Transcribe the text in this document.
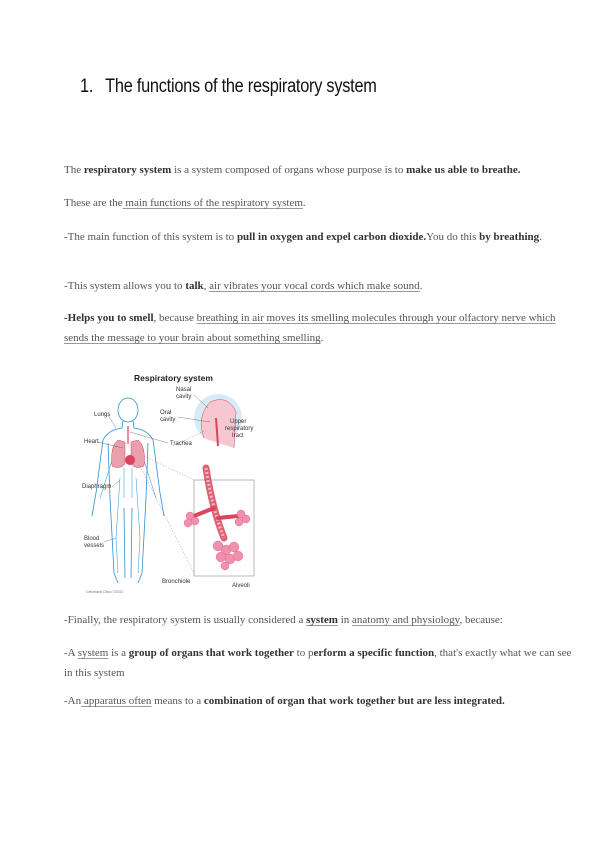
1. The functions of the respiratory system
The respiratory system is a system composed of organs whose purpose is to make us able to breathe.
These are the main functions of the respiratory system.
-The main function of this system is to pull in oxygen and expel carbon dioxide.You do this by breathing.
-This system allows you to talk, air vibrates your vocal cords which make sound.
-Helps you to smell, because breathing in air moves its smelling molecules through your olfactory nerve which sends the message to your brain about something smelling.
Respiratory system
Nasal
cavity
Oral
cavity	Upper
respiratory
tract
Lungs
Heart	Trachea
Diaphragm
Blood
vessels
Bronchiole
Alveoli
Cleveland Clinic ©2022
-Finally, the respiratory system is usually considered a system in anatomy and physiology, because:
-A system is a group of organs that work together to perform a specific function, that's exactly what we can see in this system
-An apparatus often means to a combination of organ that work together but are less integrated.
